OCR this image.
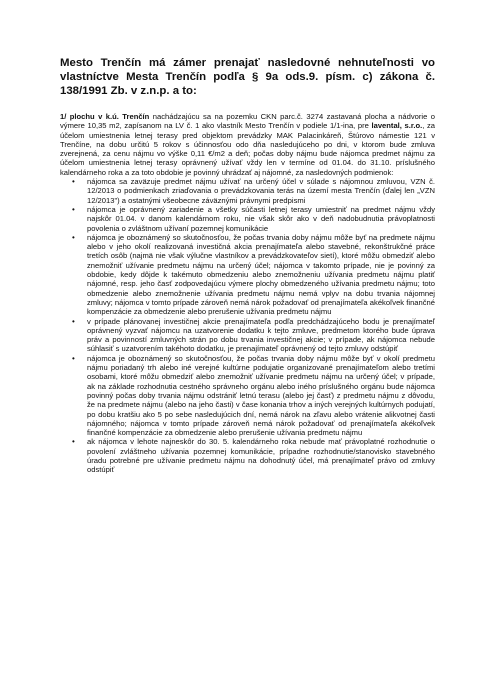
Mesto Trenčín má zámer prenajať nasledovné nehnuteľnosti vo vlastníctve Mesta Trenčín podľa § 9a ods.9. písm. c) zákona č. 138/1991 Zb. v z.n.p. a to:

1/ plochu v k.ú. Trenčín nachádzajúcu sa na pozemku CKN parc.č. 3274 zastavaná plocha a nádvorie o výmere 10,35 m2, zapísanom na LV č. 1 ako vlastník Mesto Trenčín v podiele 1/1-ina, pre lavental, s.r.o., za účelom umiestnenia letnej terasy pred objektom prevádzky MAK Palacinkáreň, Štúrovo námestie 121 v Trenčíne, na dobu určitú 5 rokov s účinnosťou odo dňa nasledujúceho po dni, v ktorom bude zmluva zverejnená, za cenu nájmu vo výške 0,11 €/m2 a deň; počas doby nájmu bude nájomca predmet nájmu za účelom umiestnenia letnej terasy oprávnený užívať vždy len v termíne od 01.04. do 31.10. príslušného kalendárneho roka a za toto obdobie je povinný uhrádzať aj nájomné, za nasledovných podmienok:

• nájomca sa zaväzuje predmet nájmu užívať na určený účel v súlade s nájomnou zmluvou, VZN č. 12/2013 o podmienkach zriaďovania o prevádzkovania terás na území mesta Trenčín (ďalej len „VZN 12/2013") a ostatnými všeobecne záväznými právnymi predpismi
• nájomca je oprávnený zariadenie a všetky súčasti letnej terasy umiestniť na predmet nájmu vždy najskôr 01.04. v danom kalendárnom roku, nie však skôr ako v deň nadobudnutia právoplatnosti povolenia o zvláštnom užívaní pozemnej komunikácie
• nájomca je oboznámený so skutočnosťou, že počas trvania doby nájmu môže byť na predmete nájmu alebo v jeho okolí realizovaná investičná akcia prenajímateľa alebo stavebné, rekonštrukčné práce tretích osôb (najmä nie však výlučne vlastníkov a prevádzkovateľov sietí), ktoré môžu obmedziť alebo znemožniť užívanie predmetu nájmu na určený účel; nájomca v takomto prípade, nie je povinný za obdobie, kedy dôjde k takémuto obmedzeniu alebo znemožneniu užívania predmetu nájmu platiť nájomné, resp. jeho časť zodpovedajúcu výmere plochy obmedzeného užívania predmetu nájmu; toto obmedzenie alebo znemožnenie užívania predmetu nájmu nemá vplyv na dobu trvania nájomnej zmluvy; nájomca v tomto prípade zároveň nemá nárok požadovať od prenajímateľa akékoľvek finančné kompenzácie za obmedzenie alebo prerušenie užívania predmetu nájmu
• v prípade plánovanej investičnej akcie prenajímateľa podľa predchádzajúceho bodu je prenajímateľ oprávnený vyzvať nájomcu na uzatvorenie dodatku k tejto zmluve, predmetom ktorého bude úprava práv a povinností zmluvných strán po dobu trvania investičnej akcie; v prípade, ak nájomca nebude súhlasiť s uzatvorením takéhoto dodatku, je prenajímateľ oprávnený od tejto zmluvy odstúpiť
• nájomca je oboznámený so skutočnosťou, že počas trvania doby nájmu môže byť v okolí predmetu nájmu poriadaný trh alebo iné verejné kultúrne podujatie organizované prenajímateľom alebo tretími osobami, ktoré môžu obmedziť alebo znemožniť užívanie predmetu nájmu na určený účel; v prípade, ak na základe rozhodnutia cestného správneho orgánu alebo iného príslušného orgánu bude nájomca povinný počas doby trvania nájmu odstrániť letnú terasu (alebo jej časť) z predmetu nájmu z dôvodu, že na predmete nájmu (alebo na jeho časti) v čase konania trhov a iných verejných kultúrnych podujatí, po dobu kratšiu ako 5 po sebe nasledujúcich dní, nemá nárok na zľavu alebo vrátenie alikvotnej časti nájomného; nájomca v tomto prípade zároveň nemá nárok požadovať od prenajímateľa akékoľvek finančné kompenzácie za obmedzenie alebo prerušenie užívania predmetu nájmu
• ak nájomca v lehote najneskôr do 30. 5. kalendárneho roka nebude mať právoplatné rozhodnutie o povolení zvláštneho užívania pozemnej komunikácie, prípadne rozhodnutie/stanovisko stavebného úradu potrebné pre užívanie predmetu nájmu na dohodnutý účel, má prenajímateľ právo od zmluvy odstúpiť
